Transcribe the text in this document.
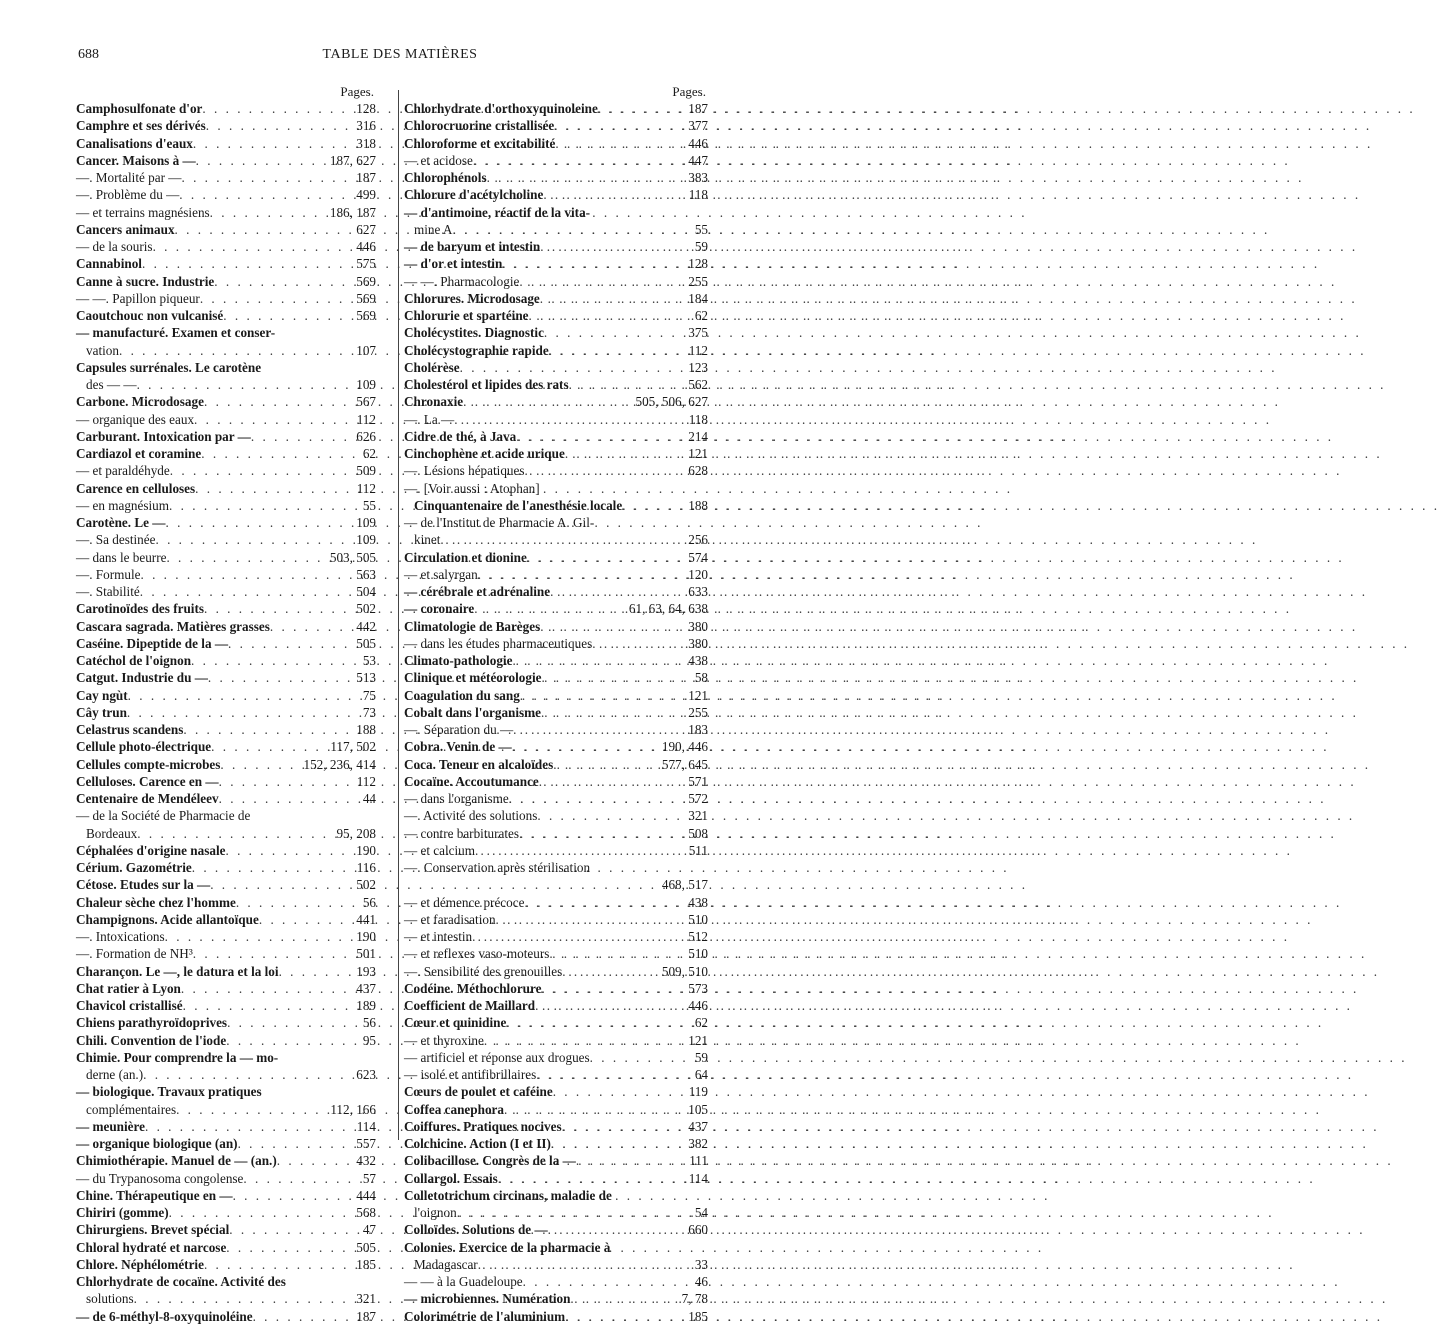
688	TABLE DES MATIÈRES
Pages.
Camphosulfonate d'or . . .	128
Camphre et ses dérivés . . .	316
Canalisations d'eaux . . .	318
Cancer. Maisons à — . . .	187, 627
—. Mortalité par — . . .	187
—. Problème du — . . .	499
— et terrains magnésiens . . .	186, 187
Cancers animaux . . .	627
— de la souris . . .	446
Cannabinol . . .	575
Canne à sucre. Industrie . . .	569
— —. Papillon piqueur . . .	569
Caoutchouc non vulcanisé . . .	569
— manufacturé. Examen et conser-
vation . . .	107
Capsules surrénales. Le carotène
des — — . . .	109
Carbone. Microdosage . . .	567
— organique des eaux . . .	112
Carburant. Intoxication par — . . .	626
Cardiazol et coramine . . .	62
— et paraldéhyde . . .	509
Carence en celluloses . . .	112
— en magnésium . . .	55
Carotène. Le — . . .	109
—. Sa destinée . . .	109
— dans le beurre . . .	503, 505
—. Formule . . .	563
—. Stabilité . . .	504
Carotinoïdes des fruits . . .	502
Cascara sagrada. Matières grasses . . .	442
Caséine. Dipeptide de la — . . .	505
Catéchol de l'oignon . . .	53
Catgut. Industrie du — . . .	513
Cay ngùt . . .	75
Cây trun . . .	73
Celastrus scandens . . .	188
Cellule photo-électrique . . .	117, 502
Cellules compte-microbes . . .	152, 236, 414
Celluloses. Carence en — . . .	112
Centenaire de Mendéleev . . .	44
— de la Société de Pharmacie de
Bordeaux . . .	95, 208
Céphalées d'origine nasale . . .	190
Cérium. Gazométrie . . .	116
Cétose. Etudes sur la — . . .	502
Chaleur sèche chez l'homme . . .	56
Champignons. Acide allantoïque . . .	441
—. Intoxications . . .	190
—. Formation de NH³ . . .	501
Charançon. Le —, le datura et la loi . . .	193
Chat ratier à Lyon . . .	437
Chavicol cristallisé . . .	189
Chiens parathyroïdoprives . . .	56
Chili. Convention de l'iode . . .	95
Chimie. Pour comprendre la — mo-
derne (an.) . . .	623
— biologique. Travaux pratiques
complémentaires . . .	112, 166
— meunière . . .	114
— organique biologique (an) . . .	557
Chimiothérapie. Manuel de — (an.) . . .	432
— du Trypanosoma congolense . . .	57
Chine. Thérapeutique en — . . .	444
Chiriri (gomme) . . .	568
Chirurgiens. Brevet spécial . . .	47
Chloral hydraté et narcose . . .	505
Chlore. Néphélométrie . . .	185
Chlorhydrate de cocaïne. Activité des
solutions . . .	321
— de 6-méthyl-8-oxyquinoléine . . .	187
Pages.
Chlorhydrate d'orthoxyquinoleine . . .	187
Chlorocruorine cristallisée . . .	377
Chloroforme et excitabilité . . .	446
— et acidose . . .	447
Chlorophénols . . .	383
Chlorure d'acétylcholine . . .	118
— d'antimoine, réactif de la vita-
mine A . . .	55
— de baryum et intestin . . .	59
— d'or et intestin . . .	128
— —. Pharmacologie . . .	255
Chlorures. Microdosage . . .	184
Chlorurie et spartéine . . .	62
Cholécystites. Diagnostic . . .	375
Cholécystographie rapide . . .	112
Cholérèse . . .	123
Cholestérol et lipides des rats . . .	562
Chronaxie . . .	505, 506, 627
—. La — . . .	118
Cidre de thé, à Java . . .	214
Cinchophène et acide urique . . .	121
—. Lésions hépatiques . . .	628
—. [Voir aussi : Atophan]
Cinquantenaire de l'anesthésie locale . . .	188
— de l'Institut de Pharmacie A. Gil-
kinet . . .	256
Circulation et dionine . . .	574
— et salyrgan . . .	120
— cérébrale et adrénaline . . .	633
— coronaire . . .	61, 63, 64, 638
Climatologie de Barèges . . .	380
— dans les études pharmaceutiques . . .	380
Climato-pathologie . . .	438
Clinique et météorologie . . .	58
Coagulation du sang . . .	121
Cobalt dans l'organisme . . .	255
—. Séparation du — . . .	183
Cobra. Venin de — . . .	190, 446
Coca. Teneur en alcaloïdes . . .	577, 645
Cocaïne. Accoutumance . . .	571
— dans l'organisme . . .	572
—. Activité des solutions . . .	321
— contre barbiturates . . .	508
— et calcium . . .	511
—. Conservation après stérilisation
468, 517
— et démence précoce . . .	438
— et faradisation . . .	510
— et intestin . . .	512
— et reflexes vaso-moteurs . . .	510
—. Sensibilité des grenouilles . . .	509, 510
Codéine. Méthochlorure . . .	573
Coefficient de Maillard . . .	446
Cœur et quinidine . . .	62
— et thyroxine . . .	121
— artificiel et réponse aux drogues . . .	59
— isolé et antifibrillaires . . .	64
Cœurs de poulet et caféine . . .	119
Coffea canephora . . .	105
Coiffures. Pratiques nocives . . .	437
Colchicine. Action (I et II) . . .	382
Colibacillose. Congrès de la — . . .	111
Collargol. Essais . . .	114
Colletotrichum circinans, maladie de
l'oignon . . .	54
Colloïdes. Solutions de — . . .	660
Colonies. Exercice de la pharmacie à
Madagascar . . .	33
— — à la Guadeloupe . . .	46
— microbiennes. Numération . . .	7, 78
Colorimétrie de l'aluminium . . .	185
